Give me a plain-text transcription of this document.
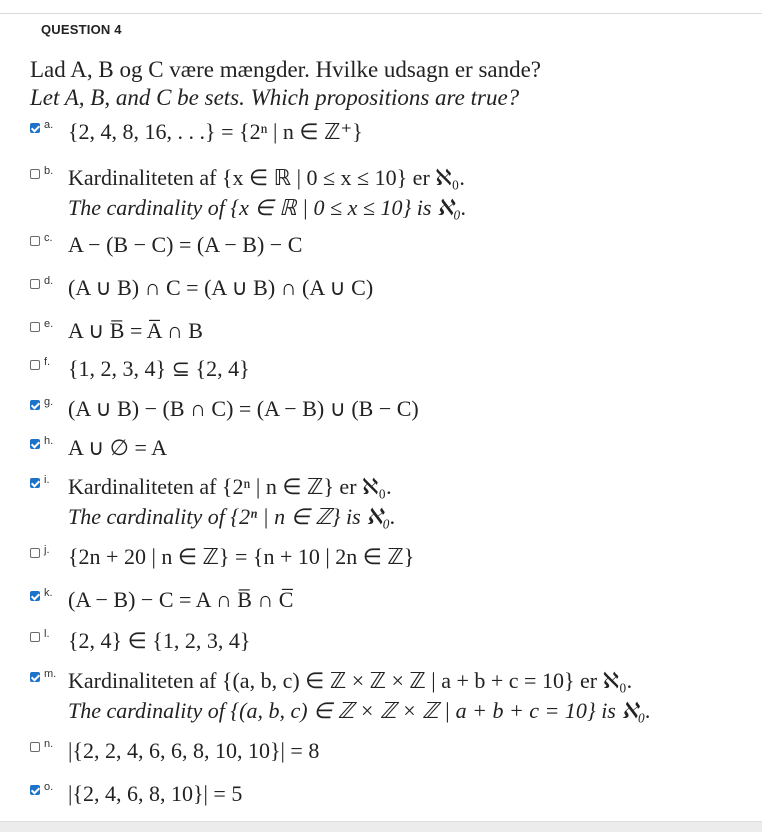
QUESTION 4
Lad A, B og C være mængder. Hvilke udsagn er sande?
Let A, B, and C be sets. Which propositions are true?
a. {2, 4, 8, 16, . . .} = {2ⁿ | n ∈ ℤ⁺}
b. Kardinaliteten af {x ∈ ℝ | 0 ≤ x ≤ 10} er ℵ₀.
The cardinality of {x ∈ ℝ | 0 ≤ x ≤ 10} is ℵ₀.
c. A − (B − C) = (A − B) − C
d. (A ∪ B) ∩ C = (A ∪ B) ∩ (A ∪ C)
e. A ∪ B̅ = A̅ ∩ B
f. {1, 2, 3, 4} ⊆ {2, 4}
g. (A ∪ B) − (B ∩ C) = (A − B) ∪ (B − C)
h. A ∪ ∅ = A
i. Kardinaliteten af {2ⁿ | n ∈ ℤ} er ℵ₀.
The cardinality of {2ⁿ | n ∈ ℤ} is ℵ₀.
j. {2n + 20 | n ∈ ℤ} = {n + 10 | 2n ∈ ℤ}
k. (A − B) − C = A ∩ B̅ ∩ C̅
l. {2, 4} ∈ {1, 2, 3, 4}
m. Kardinaliteten af {(a, b, c) ∈ ℤ × ℤ × ℤ | a + b + c = 10} er ℵ₀.
The cardinality of {(a, b, c) ∈ ℤ × ℤ × ℤ | a + b + c = 10} is ℵ₀.
n. |{2, 2, 4, 6, 6, 8, 10, 10}| = 8
o. |{2, 4, 6, 8, 10}| = 5
